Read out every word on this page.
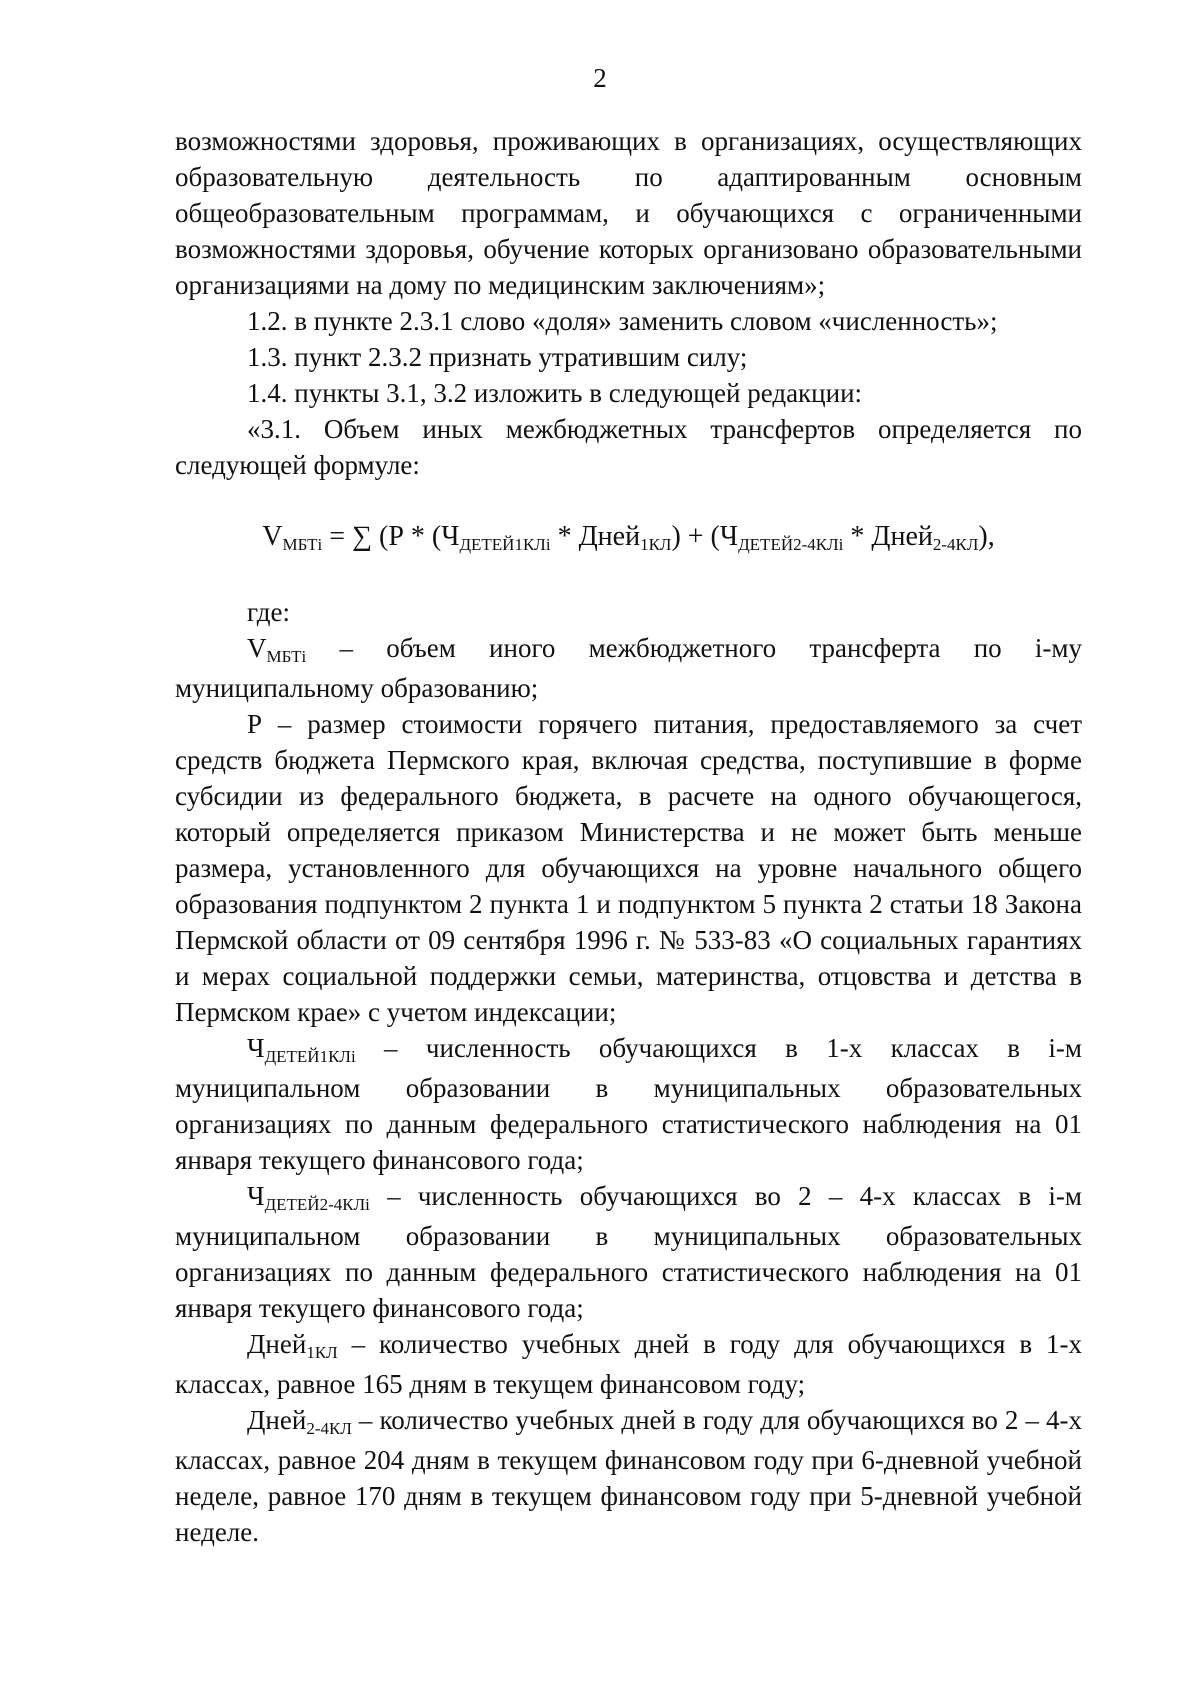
2

возможностями здоровья, проживающих в организациях, осуществляющих образовательную деятельность по адаптированным основным общеобразовательным программам, и обучающихся с ограниченными возможностями здоровья, обучение которых организовано образовательными организациями на дому по медицинским заключениям»;

1.2. в пункте 2.3.1 слово «доля» заменить словом «численность»;

1.3. пункт 2.3.2 признать утратившим силу;

1.4. пункты 3.1, 3.2 изложить в следующей редакции:

«3.1. Объем иных межбюджетных трансфертов определяется по следующей формуле:

$V_{МБТi}$ = ∑ ($Р * (Ч_{ДЕТЕЙ1КЛi}$ * Дней$_{1КЛ}$) + ($Ч_{ДЕТЕЙ2-4КЛi}$ * Дней$_{2-4КЛ}$),

где:

$V_{МБТi}$ – объем иного межбюджетного трансферта по i-му муниципальному образованию;

Р – размер стоимости горячего питания, предоставляемого за счет средств бюджета Пермского края, включая средства, поступившие в форме субсидии из федерального бюджета, в расчете на одного обучающегося, который определяется приказом Министерства и не может быть меньше размера, установленного для обучающихся на уровне начального общего образования подпунктом 2 пункта 1 и подпунктом 5 пункта 2 статьи 18 Закона Пермской области от 09 сентября 1996 г. № 533-83 «О социальных гарантиях и мерах социальной поддержки семьи, материнства, отцовства и детства в Пермском крае» с учетом индексации;

$Ч_{ДЕТЕЙ1КЛi}$ – численность обучающихся в 1-х классах в i-м муниципальном образовании в муниципальных образовательных организациях по данным федерального статистического наблюдения на 01 января текущего финансового года;

$Ч_{ДЕТЕЙ2-4КЛi}$ – численность обучающихся во 2 – 4-х классах в i-м муниципальном образовании в муниципальных образовательных организациях по данным федерального статистического наблюдения на 01 января текущего финансового года;

Дней$_{1КЛ}$ – количество учебных дней в году для обучающихся в 1-х классах, равное 165 дням в текущем финансовом году;

Дней$_{2-4КЛ}$ – количество учебных дней в году для обучающихся во 2 – 4-х классах, равное 204 дням в текущем финансовом году при 6-дневной учебной неделе, равное 170 дням в текущем финансовом году при 5-дневной учебной неделе.
